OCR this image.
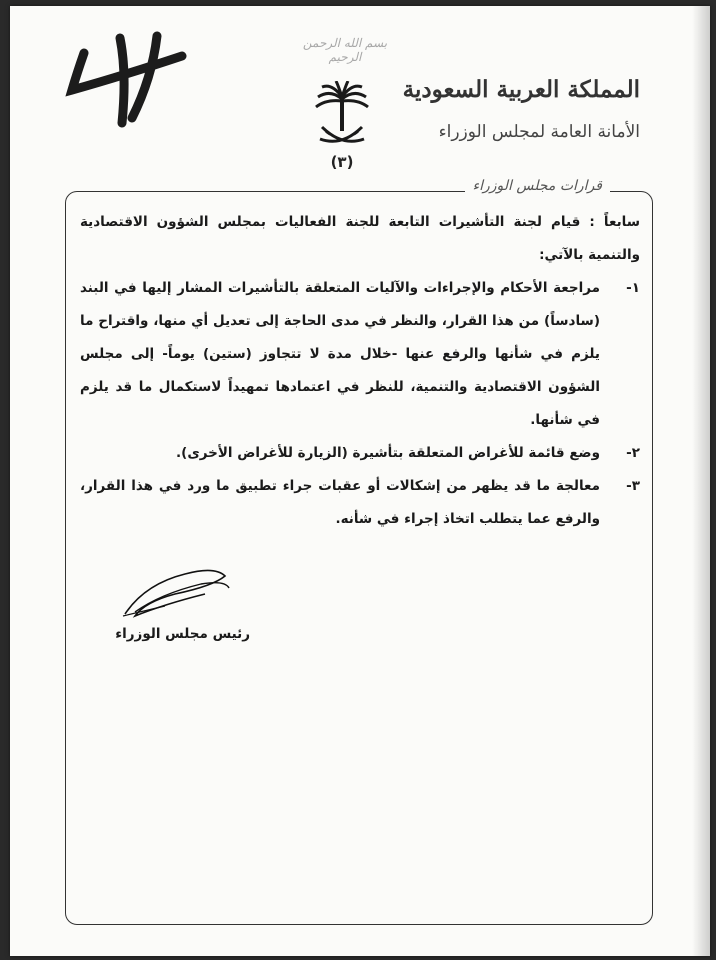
بسم الله الرحمن الرحيم
(٣)
المملكة العربية السعودية
الأمانة العامة لمجلس الوزراء
قرارات مجلس الوزراء

سابعاً : قيام لجنة التأشيرات التابعة للجنة الفعاليات بمجلس الشؤون الاقتصادية والتنمية بالآتي:

١-
مراجعة الأحكام والإجراءات والآليات المتعلقة بالتأشيرات المشار إليها في البند (سادساً) من هذا القرار، والنظر في مدى الحاجة إلى تعديل أي منها، واقتراح ما يلزم في شأنها والرفع عنها -خلال مدة لا تتجاوز (ستين) يوماً- إلى مجلس الشؤون الاقتصادية والتنمية، للنظر في اعتمادها تمهيداً لاستكمال ما قد يلزم في شأنها.
٢-
وضع قائمة للأغراض المتعلقة بتأشيرة (الزيارة للأغراض الأخرى).
٣-
معالجة ما قد يظهر من إشكالات أو عقبات جراء تطبيق ما ورد في هذا القرار، والرفع عما يتطلب اتخاذ إجراء في شأنه.
رئيس مجلس الوزراء
